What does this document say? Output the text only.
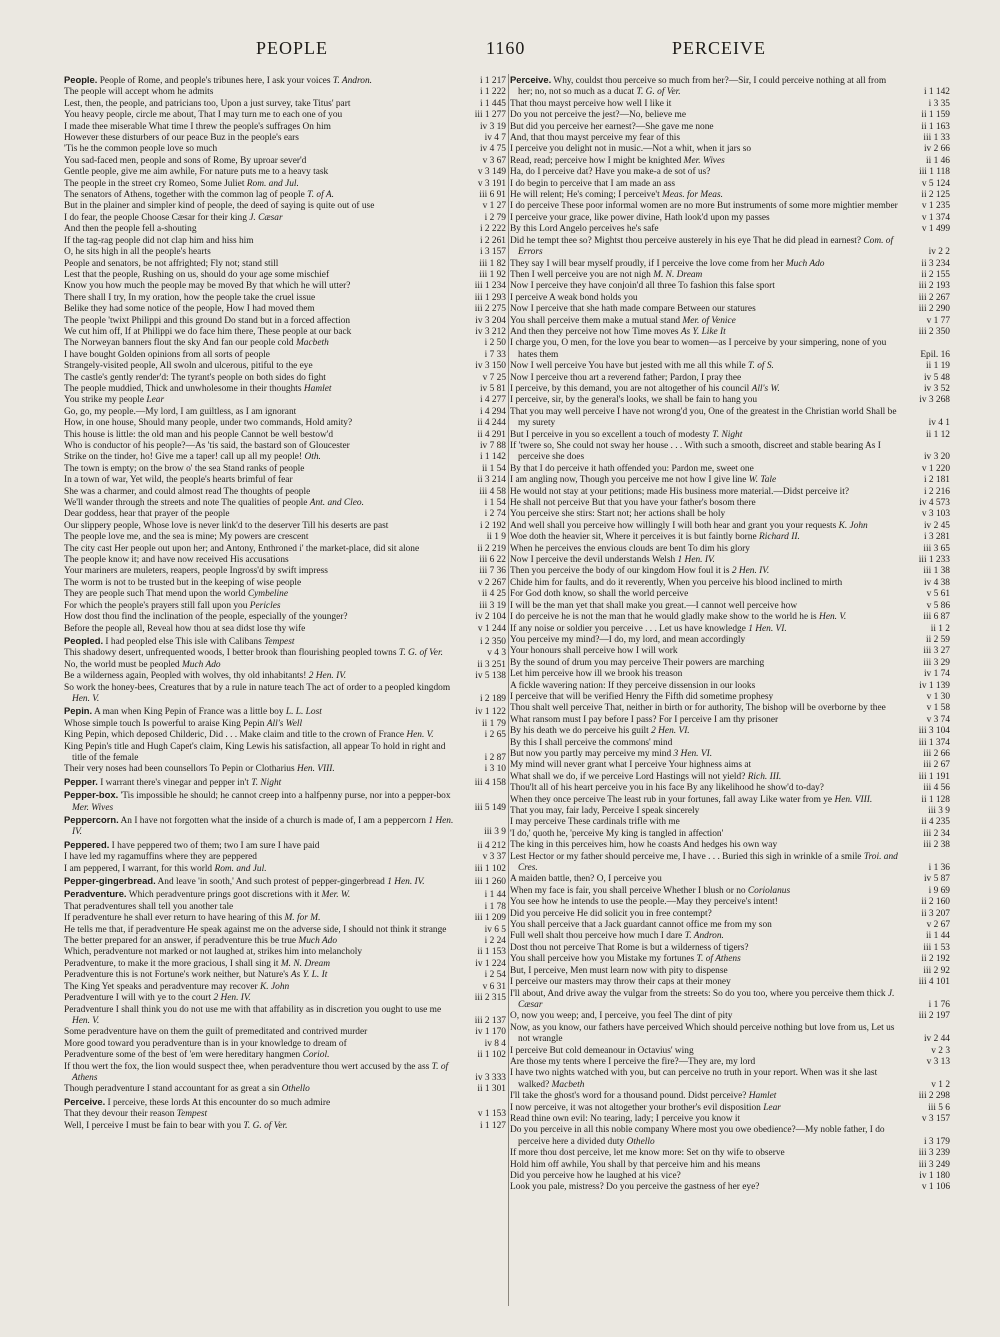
PEOPLE	1160	PERCEIVE
People. People of Rome, and people's tribunes here, I ask your voices T. Andron.	i 1 217
The people will accept whom he admits	i 1 222
Lest, then, the people, and patricians too, Upon a just survey, take Titus' part	i 1 445
You heavy people, circle me about, That I may turn me to each one of you	iii 1 277
I made thee miserable What time I threw the people's suffrages On him	iv 3 19
However these disturbers of our peace Buz in the people's ears	iv 4 7
'Tis he the common people love so much	iv 4 75
You sad-faced men, people and sons of Rome, By uproar sever'd	v 3 67
Gentle people, give me aim awhile, For nature puts me to a heavy task	v 3 149
The people in the street cry Romeo, Some Juliet Rom. and Jul.	v 3 191
The senators of Athens, together with the common lag of people T. of A.	iii 6 91
But in the plainer and simpler kind of people, the deed of saying is quite out of use	v 1 27
I do fear, the people Choose Cæsar for their king J. Cæsar	i 2 79
And then the people fell a-shouting	i 2 222
If the tag-rag people did not clap him and hiss him	i 2 261
O, he sits high in all the people's hearts	i 3 157
People and senators, be not affrighted; Fly not; stand still	iii 1 82
Lest that the people, Rushing on us, should do your age some mischief	iii 1 92
Know you how much the people may be moved By that which he will utter?	iii 1 234
There shall I try, In my oration, how the people take the cruel issue	iii 1 293
Belike they had some notice of the people, How I had moved them	iii 2 275
The people 'twixt Philippi and this ground Do stand but in a forced affection	iv 3 204
We cut him off, If at Philippi we do face him there, These people at our back	iv 3 212
The Norweyan banners flout the sky And fan our people cold Macbeth	i 2 50
I have bought Golden opinions from all sorts of people	i 7 33
Strangely-visited people, All swoln and ulcerous, pitiful to the eye	iv 3 150
The castle's gently render'd: The tyrant's people on both sides do fight	v 7 25
The people muddied, Thick and unwholesome in their thoughts Hamlet	iv 5 81
You strike my people Lear	i 4 277
Go, go, my people.—My lord, I am guiltless, as I am ignorant	i 4 294
How, in one house, Should many people, under two commands, Hold amity?	ii 4 244
This house is little: the old man and his people Cannot be well bestow'd	ii 4 291
Who is conductor of his people?—As 'tis said, the bastard son of Gloucester	iv 7 88
Strike on the tinder, ho! Give me a taper! call up all my people! Oth.	i 1 142
The town is empty; on the brow o' the sea Stand ranks of people	ii 1 54
In a town of war, Yet wild, the people's hearts brimful of fear	ii 3 214
She was a charmer, and could almost read The thoughts of people	iii 4 58
We'll wander through the streets and note The qualities of people Ant. and Cleo.	i 1 54
Dear goddess, hear that prayer of the people	i 2 74
Our slippery people, Whose love is never link'd to the deserver Till his deserts are past	i 2 192
The people love me, and the sea is mine; My powers are crescent	ii 1 9
The city cast Her people out upon her; and Antony, Enthroned i' the market-place, did sit alone	ii 2 219
The people know it; and have now received His accusations	iii 6 22
Your mariners are muleters, reapers, people Ingross'd by swift impress	iii 7 36
The worm is not to be trusted but in the keeping of wise people	v 2 267
They are people such That mend upon the world Cymbeline	ii 4 25
For which the people's prayers still fall upon you Pericles	iii 3 19
How dost thou find the inclination of the people, especially of the younger?	iv 2 104
Before the people all, Reveal how thou at sea didst lose thy wife	v 1 244
Peopled. I had peopled else This isle with Calibans Tempest	i 2 350
This shadowy desert, unfrequented woods, I better brook than flourishing peopled towns T. G. of Ver.	v 4 3
No, the world must be peopled Much Ado	ii 3 251
Be a wilderness again, Peopled with wolves, thy old inhabitants! 2 Hen. IV.	iv 5 138
So work the honey-bees, Creatures that by a rule in nature teach The act of order to a peopled kingdom Hen. V.	i 2 189
Pepin. A man when King Pepin of France was a little boy L. L. Lost	iv 1 122
Whose simple touch Is powerful to araise King Pepin All's Well	ii 1 79
King Pepin, which deposed Childeric, Did . . . Make claim and title to the crown of France Hen. V.	i 2 65
King Pepin's title and Hugh Capet's claim, King Lewis his satisfaction, all appear To hold in right and title of the female	i 2 87
Their very noses had been counsellors To Pepin or Clotharius Hen. VIII.	i 3 10
Pepper. I warrant there's vinegar and pepper in't T. Night	iii 4 158
Pepper-box. 'Tis impossible he should; he cannot creep into a halfpenny purse, nor into a pepper-box Mer. Wives	iii 5 149
Peppercorn. An I have not forgotten what the inside of a church is made of, I am a peppercorn 1 Hen. IV.	iii 3 9
Peppered. I have peppered two of them; two I am sure I have paid	ii 4 212
I have led my ragamuffins where they are peppered	v 3 37
I am peppered, I warrant, for this world Rom. and Jul.	iii 1 102
Pepper-gingerbread. And leave 'in sooth,' And such protest of pepper-gingerbread 1 Hen. IV.	iii 1 260
Peradventure. Which peradventure prings goot discretions with it Mer. W.	i 1 44
That peradventures shall tell you another tale	i 1 78
If peradventure he shall ever return to have hearing of this M. for M.	iii 1 209
He tells me that, if peradventure He speak against me on the adverse side, I should not think it strange	iv 6 5
The better prepared for an answer, if peradventure this be true Much Ado	i 2 24
Which, peradventure not marked or not laughed at, strikes him into melancholy	ii 1 153
Peradventure, to make it the more gracious, I shall sing it M. N. Dream	iv 1 224
Peradventure this is not Fortune's work neither, but Nature's As Y. L. It	i 2 54
The King Yet speaks and peradventure may recover K. John	v 6 31
Peradventure I will with ye to the court 2 Hen. IV.	iii 2 315
Peradventure I shall think you do not use me with that affability as in discretion you ought to use me Hen. V.	iii 2 137
Some peradventure have on them the guilt of premeditated and contrived murder	iv 1 170
More good toward you peradventure than is in your knowledge to dream of	iv 8 4
Peradventure some of the best of 'em were hereditary hangmen Coriol.	ii 1 102
If thou wert the fox, the lion would suspect thee, when peradventure thou wert accused by the ass T. of Athens	iv 3 333
Though peradventure I stand accountant for as great a sin Othello	ii 1 301
Perceive. I perceive, these lords At this encounter do so much admire
That they devour their reason Tempest	v 1 153
Well, I perceive I must be fain to bear with you T. G. of Ver.	i 1 127
Perceive. Why, couldst thou perceive so much from her?—Sir, I could perceive nothing at all from her; no, not so much as a ducat T. G. of Ver.	i 1 142
That thou mayst perceive how well I like it	i 3 35
Do you not perceive the jest?—No, believe me	ii 1 159
But did you perceive her earnest?—She gave me none	ii 1 163
And, that thou mayst perceive my fear of this	iii 1 33
I perceive you delight not in music.—Not a whit, when it jars so	iv 2 66
Read, read; perceive how I might be knighted Mer. Wives	ii 1 46
Ha, do I perceive dat? Have you make-a de sot of us?	iii 1 118
I do begin to perceive that I am made an ass	v 5 124
He will relent; He's coming; I perceive't Meas. for Meas.	ii 2 125
I do perceive These poor informal women are no more But instruments of some more mightier member	v 1 235
I perceive your grace, like power divine, Hath look'd upon my passes	v 1 374
By this Lord Angelo perceives he's safe	v 1 499
Did he tempt thee so? Mightst thou perceive austerely in his eye That he did plead in earnest? Com. of Errors	iv 2 2
They say I will bear myself proudly, if I perceive the love come from her Much Ado	ii 3 234
Then I well perceive you are not nigh M. N. Dream	ii 2 155
Now I perceive they have conjoin'd all three To fashion this false sport	iii 2 193
I perceive A weak bond holds you	iii 2 267
Now I perceive that she hath made compare Between our statures	iii 2 290
You shall perceive them make a mutual stand Mer. of Venice	v 1 77
And then they perceive not how Time moves As Y. Like It	iii 2 350
I charge you, O men, for the love you bear to women—as I perceive by your simpering, none of you hates them	Epil. 16
Now I well perceive You have but jested with me all this while T. of S.	ii 1 19
Now I perceive thou art a reverend father; Pardon, I pray thee	iv 5 48
I perceive, by this demand, you are not altogether of his council All's W.	iv 3 52
I perceive, sir, by the general's looks, we shall be fain to hang you	iv 3 268
That you may well perceive I have not wrong'd you, One of the greatest in the Christian world Shall be my surety	iv 4 1
But I perceive in you so excellent a touch of modesty T. Night	ii 1 12
If 'twere so, She could not sway her house . . . With such a smooth, discreet and stable bearing As I perceive she does	iv 3 20
By that I do perceive it hath offended you: Pardon me, sweet one	v 1 220
I am angling now, Though you perceive me not how I give line W. Tale	i 2 181
He would not stay at your petitions; made His business more material.—Didst perceive it?	i 2 216
He shall not perceive But that you have your father's bosom there	iv 4 573
You perceive she stirs: Start not; her actions shall be holy	v 3 103
And well shall you perceive how willingly I will both hear and grant you your requests K. John	iv 2 45
Woe doth the heavier sit, Where it perceives it is but faintly borne Richard II.	i 3 281
When he perceives the envious clouds are bent To dim his glory	iii 3 65
Now I perceive the devil understands Welsh 1 Hen. IV.	iii 1 233
Then you perceive the body of our kingdom How foul it is 2 Hen. IV.	iii 1 38
Chide him for faults, and do it reverently, When you perceive his blood inclined to mirth	iv 4 38
For God doth know, so shall the world perceive	v 5 61
I will be the man yet that shall make you great.—I cannot well perceive how	v 5 86
I do perceive he is not the man that he would gladly make show to the world he is Hen. V.	iii 6 87
If any noise or soldier you perceive . . . Let us have knowledge 1 Hen. VI.	ii 1 2
You perceive my mind?—I do, my lord, and mean accordingly	ii 2 59
Your honours shall perceive how I will work	iii 3 27
By the sound of drum you may perceive Their powers are marching	iii 3 29
Let him perceive how ill we brook his treason	iv 1 74
A fickle wavering nation: If they perceive dissension in our looks	iv 1 139
I perceive that will be verified Henry the Fifth did sometime prophesy	v 1 30
Thou shalt well perceive That, neither in birth or for authority, The bishop will be overborne by thee	v 1 58
What ransom must I pay before I pass? For I perceive I am thy prisoner	v 3 74
By his death we do perceive his guilt 2 Hen. VI.	iii 3 104
By this I shall perceive the commons' mind	iii 1 374
But now you partly may perceive my mind 3 Hen. VI.	iii 2 66
My mind will never grant what I perceive Your highness aims at	iii 2 67
What shall we do, if we perceive Lord Hastings will not yield? Rich. III.	iii 1 191
Thou'lt all of his heart perceive you in his face By any likelihood he show'd to-day?	iii 4 56
When they once perceive The least rub in your fortunes, fall away Like water from ye Hen. VIII.	ii 1 128
That you may, fair lady, Perceive I speak sincerely	iii 3 9
I may perceive These cardinals trifle with me	ii 4 235
'I do,' quoth he, 'perceive My king is tangled in affection'	iii 2 34
The king in this perceives him, how he coasts And hedges his own way	iii 2 38
Lest Hector or my father should perceive me, I have . . . Buried this sigh in wrinkle of a smile Troi. and Cres.	i 1 36
A maiden battle, then? O, I perceive you	iv 5 87
When my face is fair, you shall perceive Whether I blush or no Coriolanus	i 9 69
You see how he intends to use the people.—May they perceive's intent!	ii 2 160
Did you perceive He did solicit you in free contempt?	ii 3 207
You shall perceive that a Jack guardant cannot office me from my son	v 2 67
Full well shalt thou perceive how much I dare T. Andron.	ii 1 44
Dost thou not perceive That Rome is but a wilderness of tigers?	iii 1 53
You shall perceive how you Mistake my fortunes T. of Athens	ii 2 192
But, I perceive, Men must learn now with pity to dispense	iii 2 92
I perceive our masters may throw their caps at their money	iii 4 101
I'll about, And drive away the vulgar from the streets: So do you too, where you perceive them thick J. Cæsar	i 1 76
O, now you weep; and, I perceive, you feel The dint of pity	iii 2 197
Now, as you know, our fathers have perceived Which should perceive nothing but love from us, Let us not wrangle	iv 2 44
I perceive But cold demeanour in Octavius' wing	v 2 3
Are those my tents where I perceive the fire?—They are, my lord	v 3 13
I have two nights watched with you, but can perceive no truth in your report. When was it she last walked? Macbeth	v 1 2
I'll take the ghost's word for a thousand pound. Didst perceive? Hamlet	iii 2 298
I now perceive, it was not altogether your brother's evil disposition Lear	iii 5 6
Read thine own evil: No tearing, lady; I perceive you know it	v 3 157
Do you perceive in all this noble company Where most you owe obedience?—My noble father, I do perceive here a divided duty Othello	i 3 179
If more thou dost perceive, let me know more: Set on thy wife to observe	iii 3 239
Hold him off awhile, You shall by that perceive him and his means	iii 3 249
Did you perceive how he laughed at his vice?	iv 1 180
Look you pale, mistress? Do you perceive the gastness of her eye?	v 1 106
